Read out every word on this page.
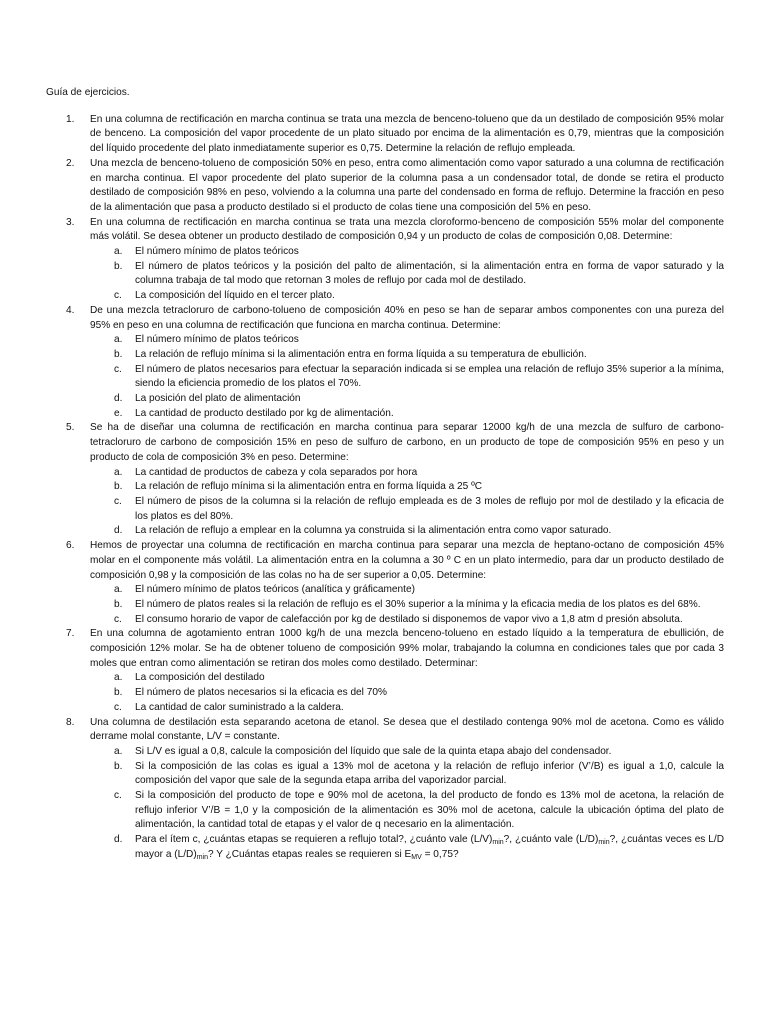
Guía de ejercicios.

1. En una columna de rectificación en marcha continua se trata una mezcla de benceno-tolueno que da un destilado de composición 95% molar de benceno. La composición del vapor procedente de un plato situado por encima de la alimentación es 0,79, mientras que la composición del líquido procedente del plato inmediatamente superior es 0,75. Determine la relación de reflujo empleada.
2. Una mezcla de benceno-tolueno de composición 50% en peso, entra como alimentación como vapor saturado a una columna de rectificación en marcha continua. El vapor procedente del plato superior de la columna pasa a un condensador total, de donde se retira el producto destilado de composición 98% en peso, volviendo a la columna una parte del condensado en forma de reflujo. Determine la fracción en peso de la alimentación que pasa a producto destilado si el producto de colas tiene una composición del 5% en peso.
3. En una columna de rectificación en marcha continua se trata una mezcla cloroformo-benceno de composición 55% molar del componente más volátil. Se desea obtener un producto destilado de composición 0,94 y un producto de colas de composición 0,08. Determine:
a. El número mínimo de platos teóricos
b. El número de platos teóricos y la posición del palto de alimentación, si la alimentación entra en forma de vapor saturado y la columna trabaja de tal modo que retornan 3 moles de reflujo por cada mol de destilado.
c. La composición del líquido en el tercer plato.
4. De una mezcla tetracloruro de carbono-tolueno de composición 40% en peso se han de separar ambos componentes con una pureza del 95% en peso en una columna de rectificación que funciona en marcha continua. Determine:
a. El número mínimo de platos teóricos
b. La relación de reflujo mínima si la alimentación entra en forma líquida a su temperatura de ebullición.
c. El número de platos necesarios para efectuar la separación indicada si se emplea una relación de reflujo 35% superior a la mínima, siendo la eficiencia promedio de los platos el 70%.
d. La posición del plato de alimentación
e. La cantidad de producto destilado por kg de alimentación.
5. Se ha de diseñar una columna de rectificación en marcha continua para separar 12000 kg/h de una mezcla de sulfuro de carbono-tetracloruro de carbono de composición 15% en peso de sulfuro de carbono, en un producto de tope de composición 95% en peso y un producto de cola de composición 3% en peso. Determine:
a. La cantidad de productos de cabeza y cola separados por hora
b. La relación de reflujo mínima si la alimentación entra en forma líquida a 25 ºC
c. El número de pisos de la columna si la relación de reflujo empleada es de 3 moles de reflujo por mol de destilado y la eficacia de los platos es del 80%.
d. La relación de reflujo a emplear en la columna ya construida si la alimentación entra como vapor saturado.
6. Hemos de proyectar una columna de rectificación en marcha continua para separar una mezcla de heptano-octano de composición 45% molar en el componente más volátil. La alimentación entra en la columna a 30 º C en un plato intermedio, para dar un producto destilado de composición 0,98 y la composición de las colas no ha de ser superior a 0,05. Determine:
a. El número mínimo de platos teóricos (analítica y gráficamente)
b. El número de platos reales si la relación de reflujo es el 30% superior a la mínima y la eficacia media de los platos es del 68%.
c. El consumo horario de vapor de calefacción por kg de destilado si disponemos de vapor vivo a 1,8 atm d presión absoluta.
7. En una columna de agotamiento entran 1000 kg/h de una mezcla benceno-tolueno en estado líquido a la temperatura de ebullición, de composición 12% molar. Se ha de obtener tolueno de composición 99% molar, trabajando la columna en condiciones tales que por cada 3 moles que entran como alimentación se retiran dos moles como destilado. Determinar:
a. La composición del destilado
b. El número de platos necesarios si la eficacia es del 70%
c. La cantidad de calor suministrado a la caldera.
8. Una columna de destilación esta separando acetona de etanol. Se desea que el destilado contenga 90% mol de acetona. Como es válido derrame molal constante, L/V = constante.
a. Si L/V es igual a 0,8, calcule la composición del líquido que sale de la quinta etapa abajo del condensador.
b. Si la composición de las colas es igual a 13% mol de acetona y la relación de reflujo inferior (V’/B) es igual a 1,0, calcule la composición del vapor que sale de la segunda etapa arriba del vaporizador parcial.
c. Si la composición del producto de tope e 90% mol de acetona, la del producto de fondo es 13% mol de acetona, la relación de reflujo inferior V’/B = 1,0 y la composición de la alimentación es 30% mol de acetona, calcule la ubicación óptima del plato de alimentación, la cantidad total de etapas y el valor de q necesario en la alimentación.
d. Para el ítem c, ¿cuántas etapas se requieren a reflujo total?, ¿cuánto vale $(L/V)_{min}$?, ¿cuánto vale $(L/D)_{min}$?, ¿cuántas veces es L/D mayor a $(L/D)_{min}$? Y ¿Cuántas etapas reales se requieren si $E_{MV} = 0,75$?
